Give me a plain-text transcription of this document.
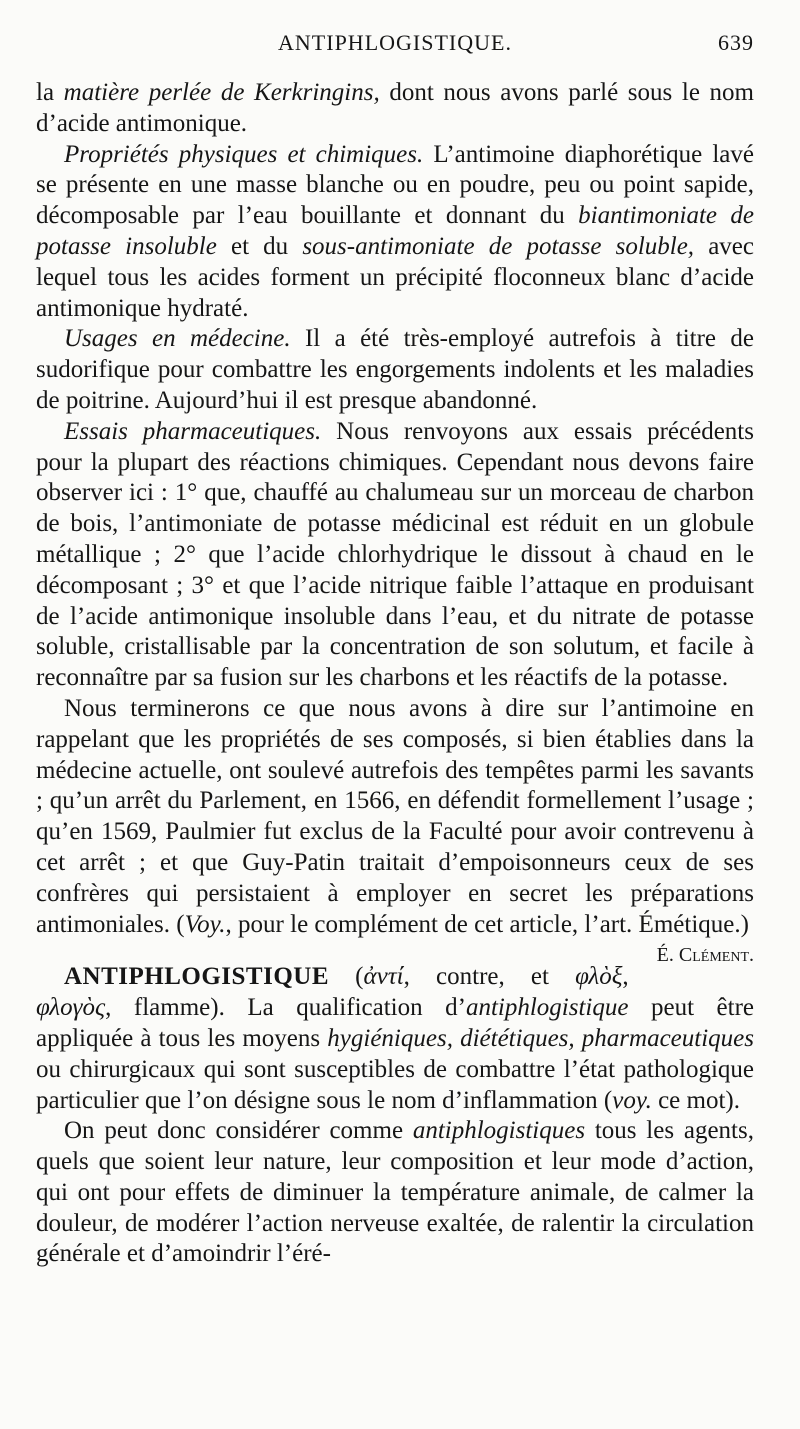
ANTIPHLOGISTIQUE.	639

la matière perlée de Kerkringins, dont nous avons parlé sous le nom d’acide antimonique.

Propriétés physiques et chimiques. L’antimoine diaphorétique lavé se présente en une masse blanche ou en poudre, peu ou point sapide, décomposable par l’eau bouillante et donnant du biantimoniate de potasse insoluble et du sous-antimoniate de potasse soluble, avec lequel tous les acides forment un précipité floconneux blanc d’acide antimonique hydraté.

Usages en médecine. Il a été très-employé autrefois à titre de sudorifique pour combattre les engorgements indolents et les maladies de poitrine. Aujourd’hui il est presque abandonné.

Essais pharmaceutiques. Nous renvoyons aux essais précédents pour la plupart des réactions chimiques. Cependant nous devons faire observer ici : 1° que, chauffé au chalumeau sur un morceau de charbon de bois, l’antimoniate de potasse médicinal est réduit en un globule métallique ; 2° que l’acide chlorhydrique le dissout à chaud en le décomposant ; 3° et que l’acide nitrique faible l’attaque en produisant de l’acide antimonique insoluble dans l’eau, et du nitrate de potasse soluble, cristallisable par la concentration de son solutum, et facile à reconnaître par sa fusion sur les charbons et les réactifs de la potasse.

Nous terminerons ce que nous avons à dire sur l’antimoine en rappelant que les propriétés de ses composés, si bien établies dans la médecine actuelle, ont soulevé autrefois des tempêtes parmi les savants ; qu’un arrêt du Parlement, en 1566, en défendit formellement l’usage ; qu’en 1569, Paulmier fut exclus de la Faculté pour avoir contrevenu à cet arrêt ; et que Guy-Patin traitait d’empoisonneurs ceux de ses confrères qui persistaient à employer en secret les préparations antimoniales. (Voy., pour le complément de cet article, l’art. Émétique.)
É. Clément.

ANTIPHLOGISTIQUE (ἀντί, contre, et φλὸξ, φλογὸς, flamme). La qualification d’antiphlogistique peut être appliquée à tous les moyens hygiéniques, diététiques, pharmaceutiques ou chirurgicaux qui sont susceptibles de combattre l’état pathologique particulier que l’on désigne sous le nom d’inflammation (voy. ce mot).

On peut donc considérer comme antiphlogistiques tous les agents, quels que soient leur nature, leur composition et leur mode d’action, qui ont pour effets de diminuer la température animale, de calmer la douleur, de modérer l’action nerveuse exaltée, de ralentir la circulation générale et d’amoindrir l’éré-
